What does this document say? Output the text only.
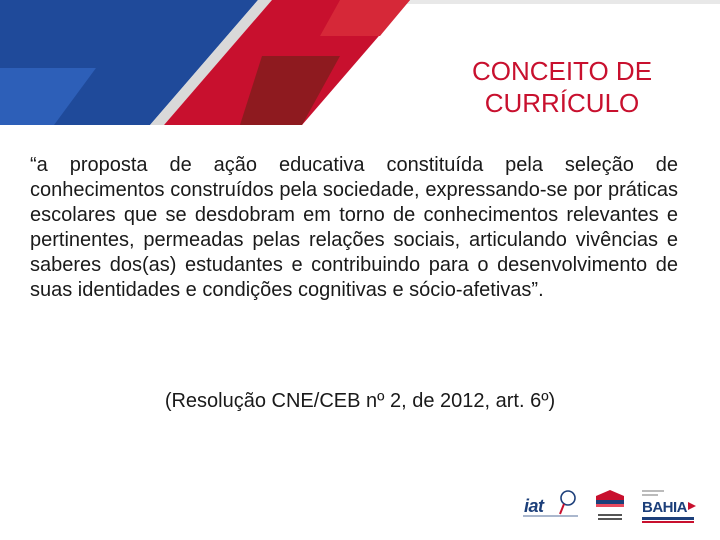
CONCEITO DE CURRÍCULO

“a proposta de ação educativa constituída pela seleção de conhecimentos construídos pela sociedade, expressando-se por práticas escolares que se desdobram em torno de conhecimentos relevantes e pertinentes, permeadas pelas relações sociais, articulando vivências e saberes dos(as) estudantes e contribuindo para o desenvolvimento de suas identidades e condições cognitivas e sócio-afetivas”.

(Resolução CNE/CEB nº 2, de 2012, art. 6º)
iat	BAHIA
